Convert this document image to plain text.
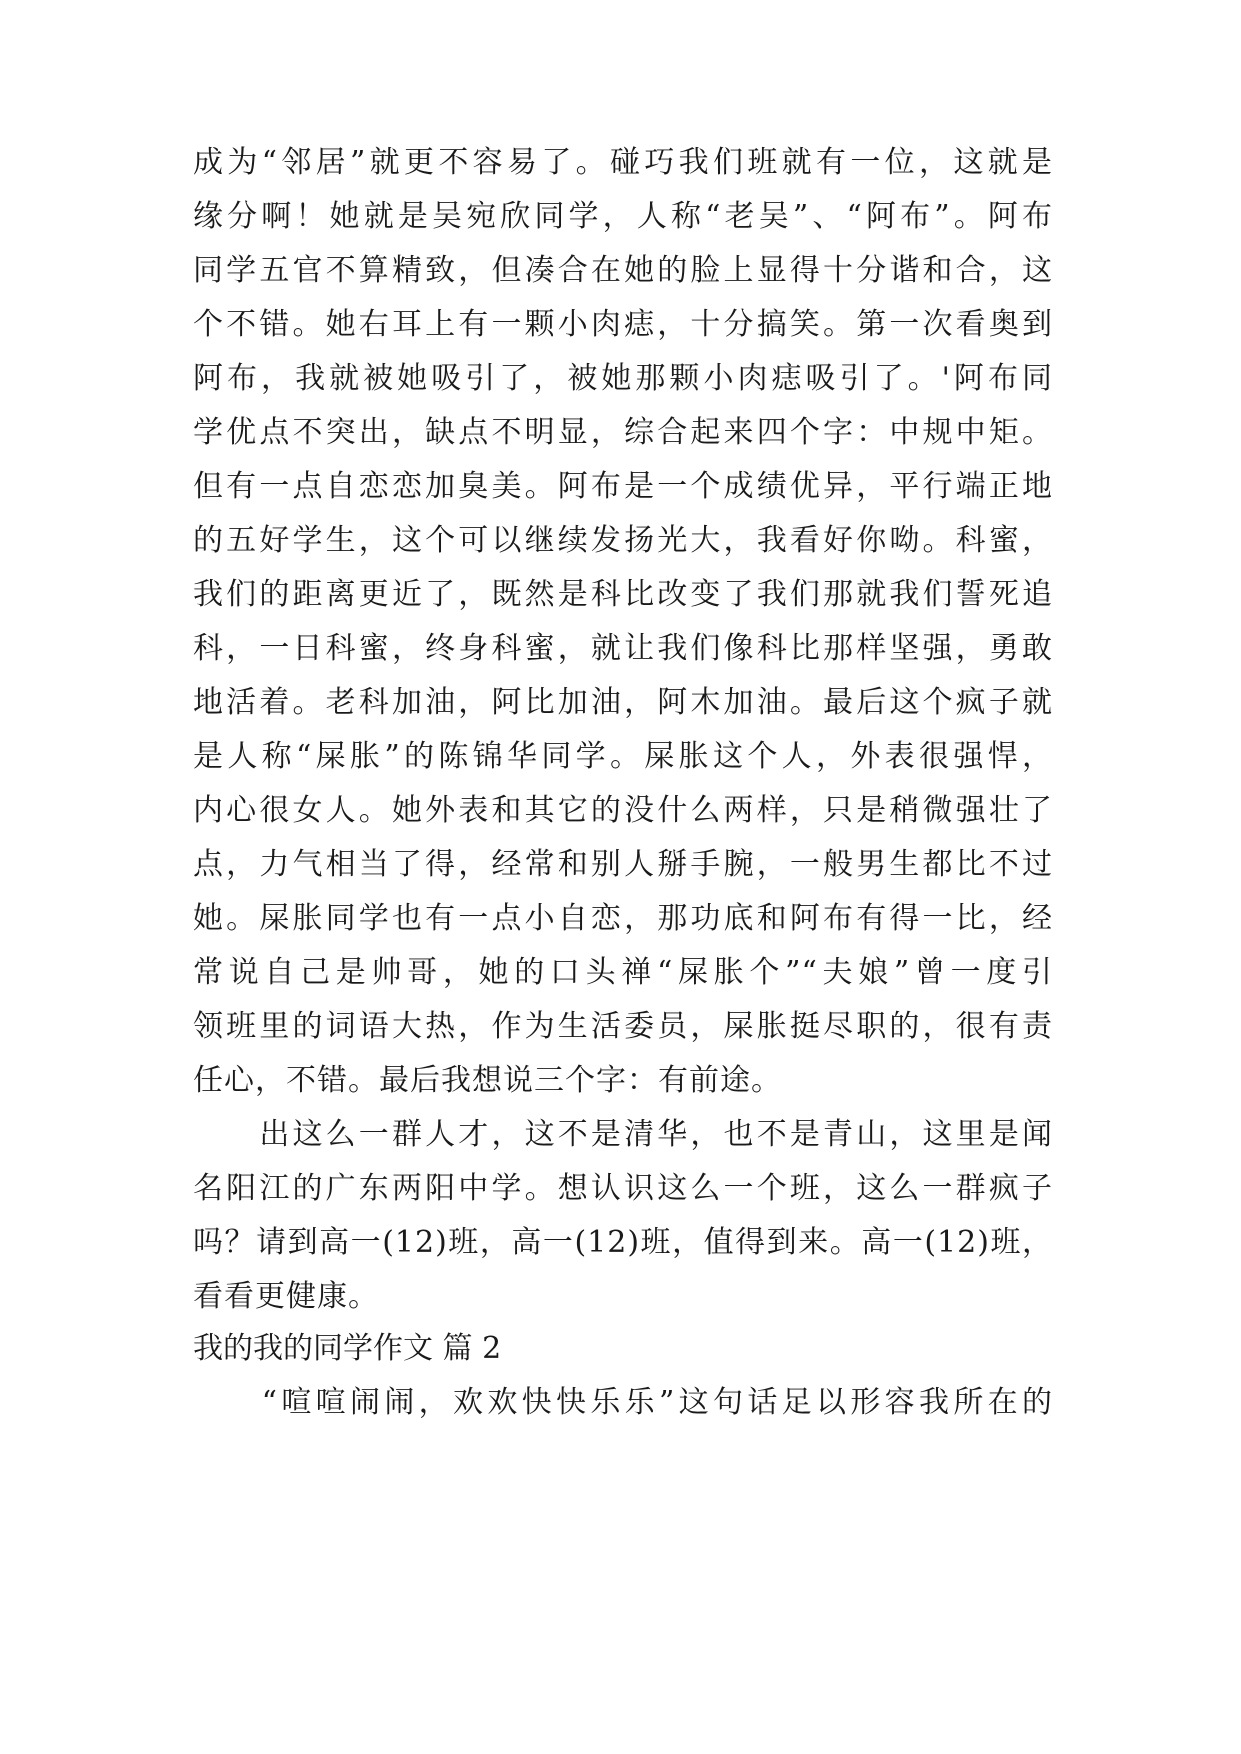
成为“邻居”就更不容易了。碰巧我们班就有一位，这就是
缘分啊！她就是吴宛欣同学，人称“老吴”、“阿布”。阿布
同学五官不算精致，但凑合在她的脸上显得十分谐和合，这
个不错。她右耳上有一颗小肉痣，十分搞笑。第一次看奥到
阿布，我就被她吸引了，被她那颗小肉痣吸引了。'阿布同
学优点不突出，缺点不明显，综合起来四个字：中规中矩。
但有一点自恋恋加臭美。阿布是一个成绩优异，平行端正地
的五好学生，这个可以继续发扬光大，我看好你呦。科蜜，
我们的距离更近了，既然是科比改变了我们那就我们誓死追
科，一日科蜜，终身科蜜，就让我们像科比那样坚强，勇敢
地活着。老科加油，阿比加油，阿木加油。最后这个疯子就
是人称“屎胀”的陈锦华同学。屎胀这个人，外表很强悍，
内心很女人。她外表和其它的没什么两样，只是稍微强壮了
点，力气相当了得，经常和别人掰手腕，一般男生都比不过
她。屎胀同学也有一点小自恋，那功底和阿布有得一比，经
常说自己是帅哥，她的口头禅“屎胀个”“夫娘”曾一度引
领班里的词语大热，作为生活委员，屎胀挺尽职的，很有责
任心，不错。最后我想说三个字：有前途。
　　出这么一群人才，这不是清华，也不是青山，这里是闻
名阳江的广东两阳中学。想认识这么一个班，这么一群疯子
吗？请到高一(12)班，高一(12)班，值得到来。高一(12)班，
看看更健康。
我的我的同学作文 篇 2
　　“喧喧闹闹，欢欢快快乐乐”这句话足以形容我所在的
